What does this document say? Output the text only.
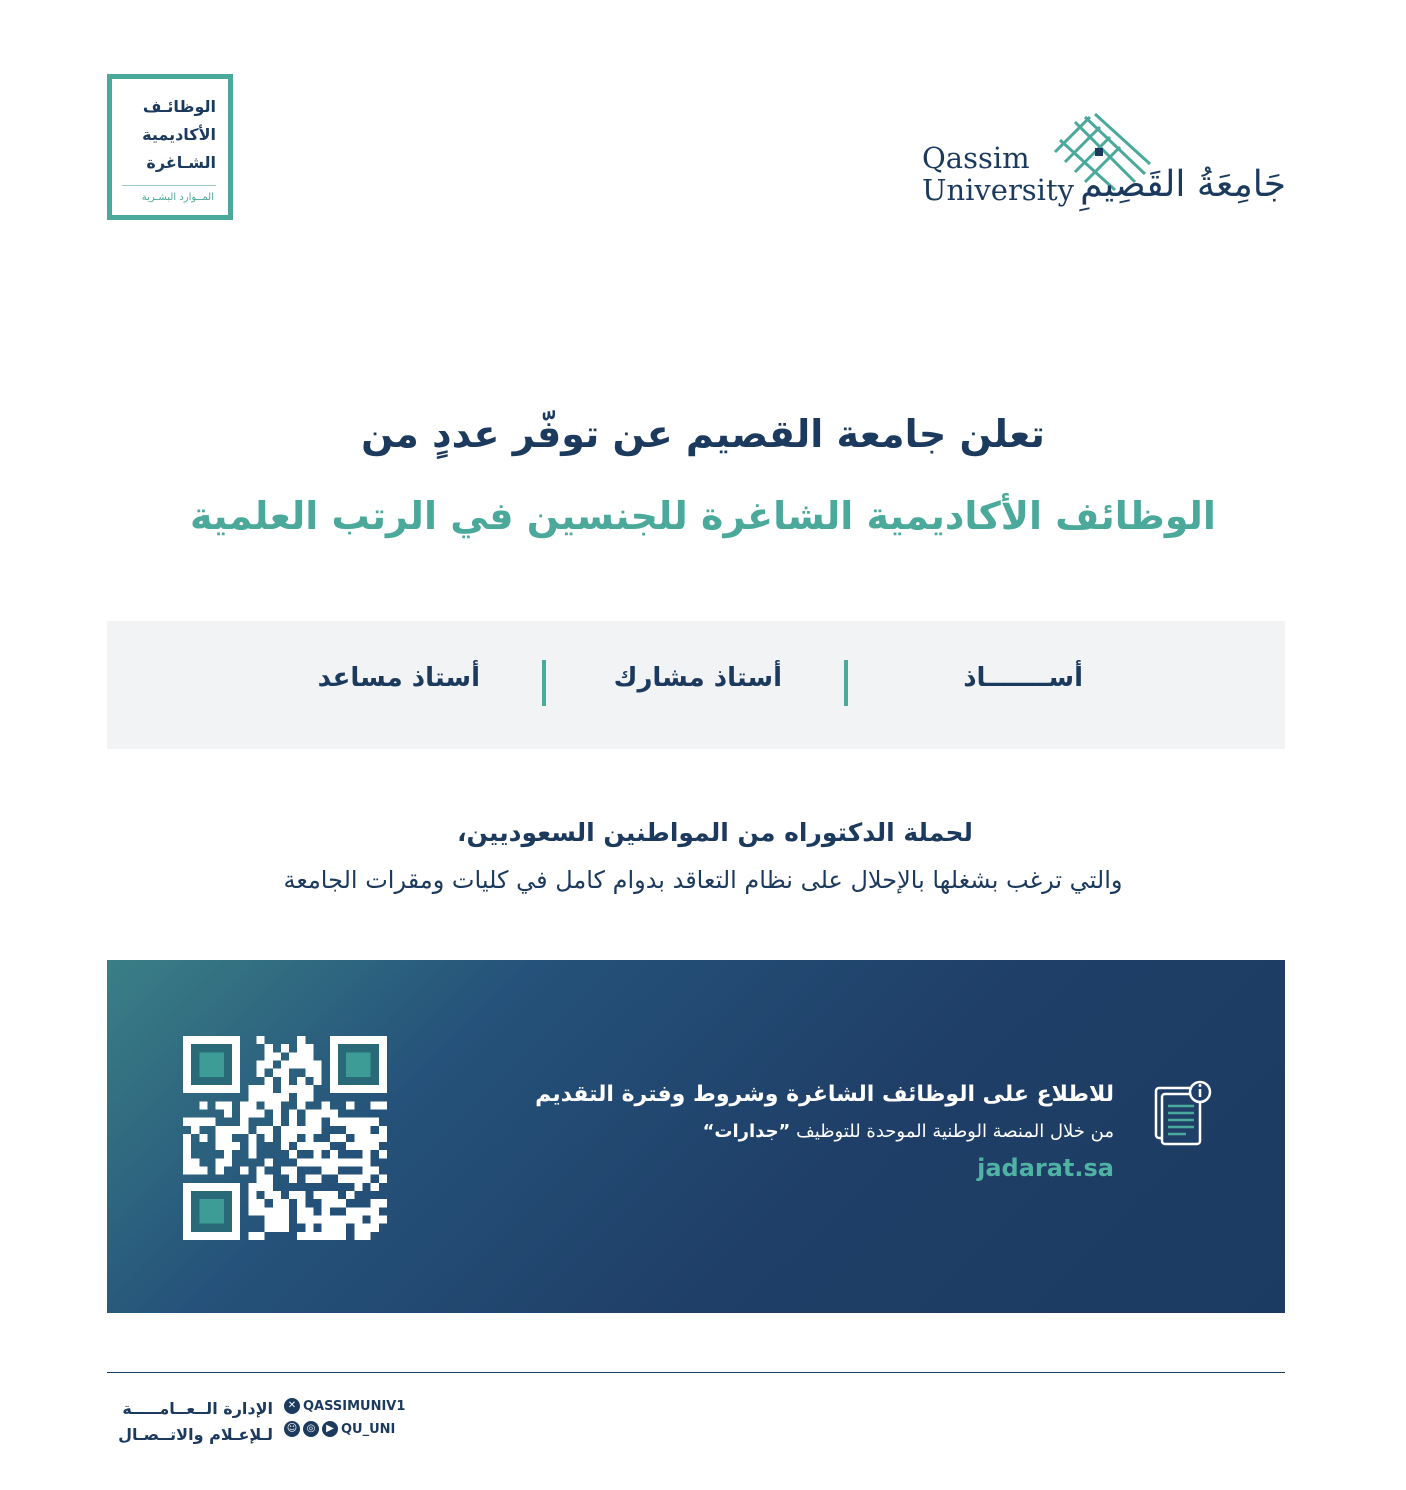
الوظائـف
الأكاديمية
الشـاغرة
المــوارد البشـرية
Qassim
University جَامِعَةُ القَصِيمِ
تعلن جامعة القصيم عن توفّر عددٍ من
الوظائف الأكاديمية الشاغرة للجنسين في الرتب العلمية
أســـــــاذ
أستاذ مشارك
أستاذ مساعد
لحملة الدكتوراه من المواطنين السعوديين،
والتي ترغب بشغلها بالإحلال على نظام التعاقد بدوام كامل في كليات ومقرات الجامعة
للاطلاع على الوظائف الشاغرة وشروط وفترة التقديم
من خلال المنصة الوطنية الموحدة للتوظيف ”جدارات“
jadarat.sa
الإدارة الــعــامـــــة
لـلإعـلام والاتــصـال
✕ QASSIMUNIV1
☺ ◎	▶ QU_UNI
